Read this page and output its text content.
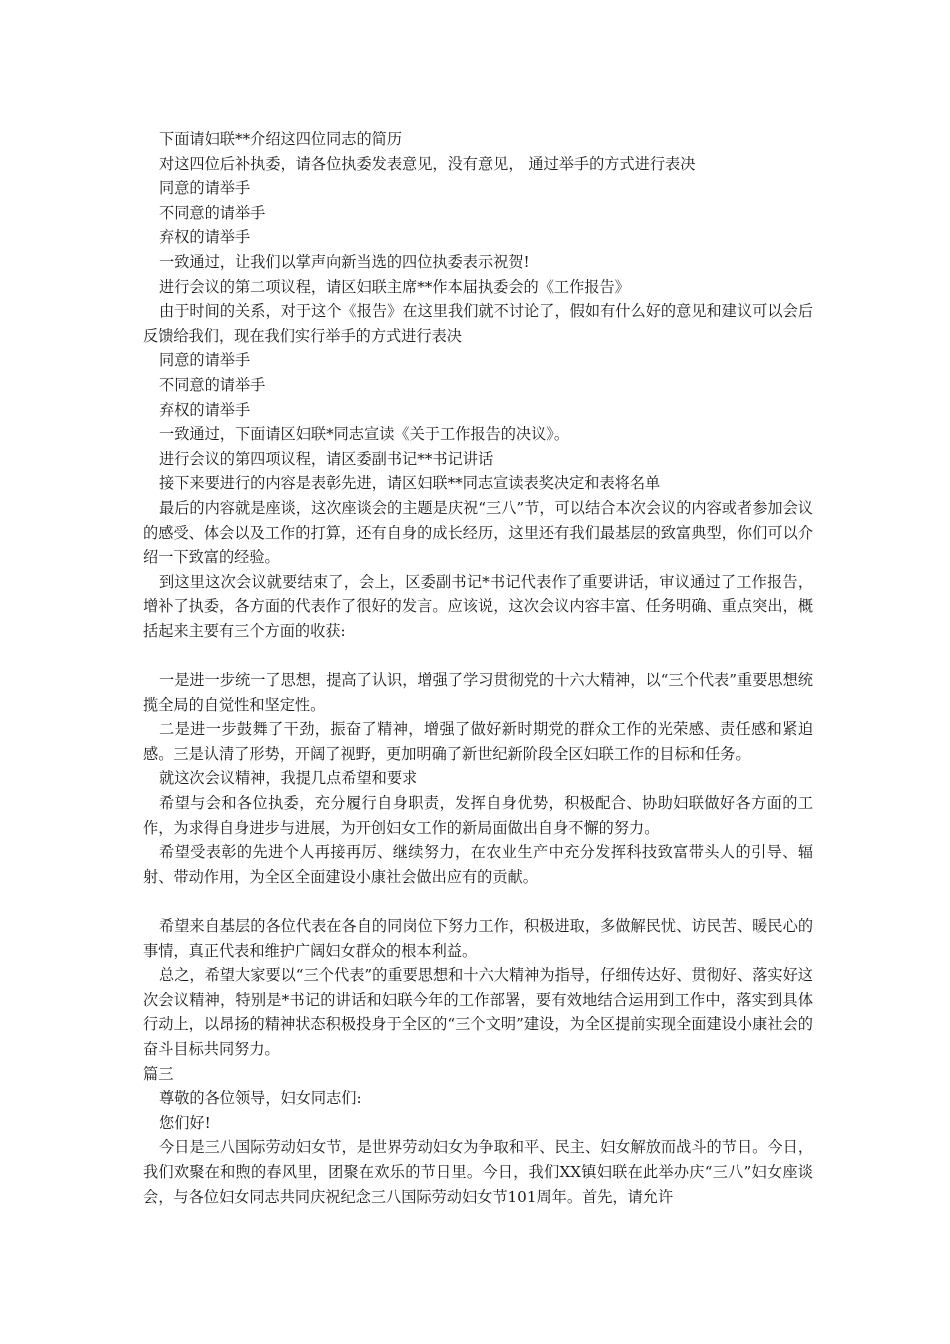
下面请妇联**介绍这四位同志的简历

对这四位后补执委，请各位执委发表意见，没有意见， 通过举手的方式进行表决

同意的请举手

不同意的请举手

弃权的请举手

一致通过，让我们以掌声向新当选的四位执委表示祝贺!

进行会议的第二项议程，请区妇联主席**作本届执委会的《工作报告》

由于时间的关系，对于这个《报告》在这里我们就不讨论了，假如有什么好的意见和建议可以会后反馈给我们，现在我们实行举手的方式进行表决

同意的请举手

不同意的请举手

弃权的请举手

一致通过，下面请区妇联*同志宣读《关于工作报告的决议》。

进行会议的第四项议程，请区委副书记**书记讲话

接下来要进行的内容是表彰先进，请区妇联**同志宣读表奖决定和表将名单

最后的内容就是座谈，这次座谈会的主题是庆祝“三八”节，可以结合本次会议的内容或者参加会议的感受、体会以及工作的打算，还有自身的成长经历，这里还有我们最基层的致富典型，你们可以介绍一下致富的经验。

到这里这次会议就要结束了，会上，区委副书记*书记代表作了重要讲话，审议通过了工作报告，增补了执委，各方面的代表作了很好的发言。应该说，这次会议内容丰富、任务明确、重点突出，概括起来主要有三个方面的收获:

一是进一步统一了思想，提高了认识，增强了学习贯彻党的十六大精神，以“三个代表”重要思想统揽全局的自觉性和坚定性。

二是进一步鼓舞了干劲，振奋了精神，增强了做好新时期党的群众工作的光荣感、责任感和紧迫感。三是认清了形势，开阔了视野，更加明确了新世纪新阶段全区妇联工作的目标和任务。

就这次会议精神，我提几点希望和要求

希望与会和各位执委，充分履行自身职责，发挥自身优势，积极配合、协助妇联做好各方面的工作，为求得自身进步与进展，为开创妇女工作的新局面做出自身不懈的努力。

希望受表彰的先进个人再接再厉、继续努力，在农业生产中充分发挥科技致富带头人的引导、辐射、带动作用，为全区全面建设小康社会做出应有的贡献。

希望来自基层的各位代表在各自的同岗位下努力工作，积极进取，多做解民忧、访民苦、暖民心的事情，真正代表和维护广阔妇女群众的根本利益。

总之，希望大家要以“三个代表”的重要思想和十六大精神为指导，仔细传达好、贯彻好、落实好这次会议精神，特别是*书记的讲话和妇联今年的工作部署，要有效地结合运用到工作中，落实到具体行动上，以昂扬的精神状态积极投身于全区的“三个文明”建设，为全区提前实现全面建设小康社会的奋斗目标共同努力。

篇三

尊敬的各位领导，妇女同志们:

您们好!

今日是三八国际劳动妇女节，是世界劳动妇女为争取和平、民主、妇女解放而战斗的节日。今日，我们欢聚在和煦的春风里，团聚在欢乐的节日里。今日，我们XX镇妇联在此举办庆“三八”妇女座谈会，与各位妇女同志共同庆祝纪念三八国际劳动妇女节101周年。首先，请允许
